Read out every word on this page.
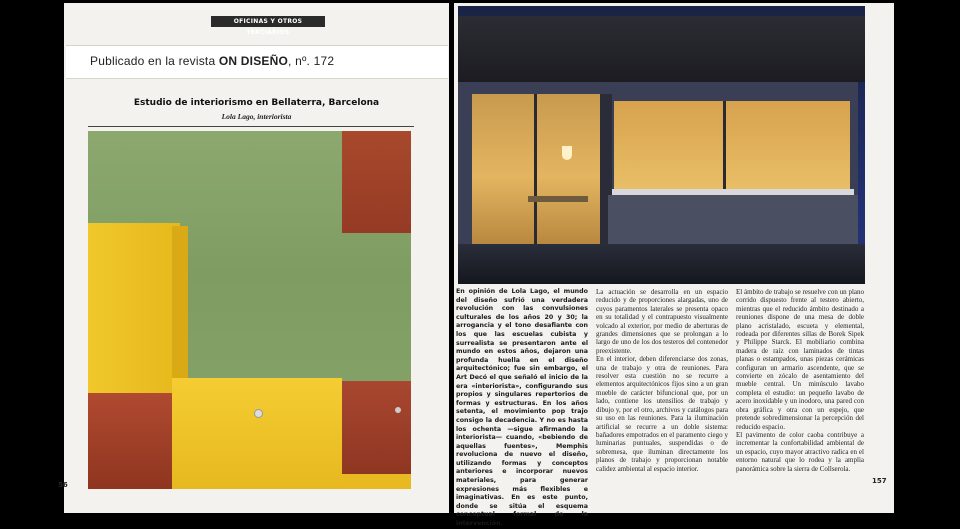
OFICINAS Y OTROS TERCIARIOS
Publicado en la revista ON DISEÑO, nº. 172
Estudio de interiorismo en Bellaterra, Barcelona
Lola Lago, interiorista
56

En opinión de Lola Lago, el mundo del diseño sufrió una verdadera revolución con las convulsiones culturales de los años 20 y 30; la arrogancia y el tono desafiante con los que las escuelas cubista y surrealista se presentaron ante el mundo en estos años, dejaron una profunda huella en el diseño arquitectónico; fue sin embargo, el Art Decó el que señaló el inicio de la era «interiorista», configurando sus propios y singulares repertorios de formas y estructuras. En los años setenta, el movimiento pop trajo consigo la decadencia. Y no es hasta los ochenta —sigue afirmando la interiorista— cuando, «bebiendo de aquellas fuentes», Memphis revoluciona de nuevo el diseño, utilizando formas y conceptos anteriores e incorporar nuevos materiales, para generar expresiones más flexibles e imaginativas. En es este punto, donde se sitúa el esquema conceptual formal de la intervención.

La actuación se desarrolla en un espacio reducido y de proporciones alargadas, uno de cuyos paramentos laterales se presenta opaco en su totalidad y el contrapuesto visualmente volcado al exterior, por medio de aberturas de grandes dimensiones que se prolongan a lo largo de uno de los dos testeros del contenedor preexistente.

En el interior, deben diferenciarse dos zonas, una de trabajo y otra de reuniones. Para resolver esta cuestión no se recurre a elementos arquitectónicos fijos sino a un gran mueble de carácter bifuncional que, por un lado, contiene los utensilios de trabajo y dibujo y, por el otro, archivos y catálogos para su uso en las reuniones. Para la iluminación artificial se recurre a un doble sistema: bañadores empotrados en el paramento ciego y luminarias puntuales, suspendidas o de sobremesa, que iluminan directamente los planos de trabajo y proporcionan notable calidez ambiental al espacio interior.

El ámbito de trabajo se resuelve con un plano corrido dispuesto frente al testero abierto, mientras que el reducido ámbito destinado a reuniones dispone de una mesa de doble plano acristalado, escueta y elemental, rodeada por diferentes sillas de Borek Sipek y Philippe Starck. El mobiliario combina madera de raíz con laminados de tintas planas o estampados, unas piezas cerámicas configuran un armario ascendente, que se convierte en zócalo de asentamiento del mueble central. Un minúsculo lavabo completa el estudio: un pequeño lavabo de acero inoxidable y un inodoro, una pared con obra gráfica y otra con un espejo, que pretende sobredimensionar la percepción del reducido espacio.

El pavimento de color caoba contribuye a incrementar la confortabilidad ambiental de un espacio, cuyo mayor atractivo radica en el entorno natural que lo rodea y la amplia panorámica sobre la sierra de Collserola.

157
